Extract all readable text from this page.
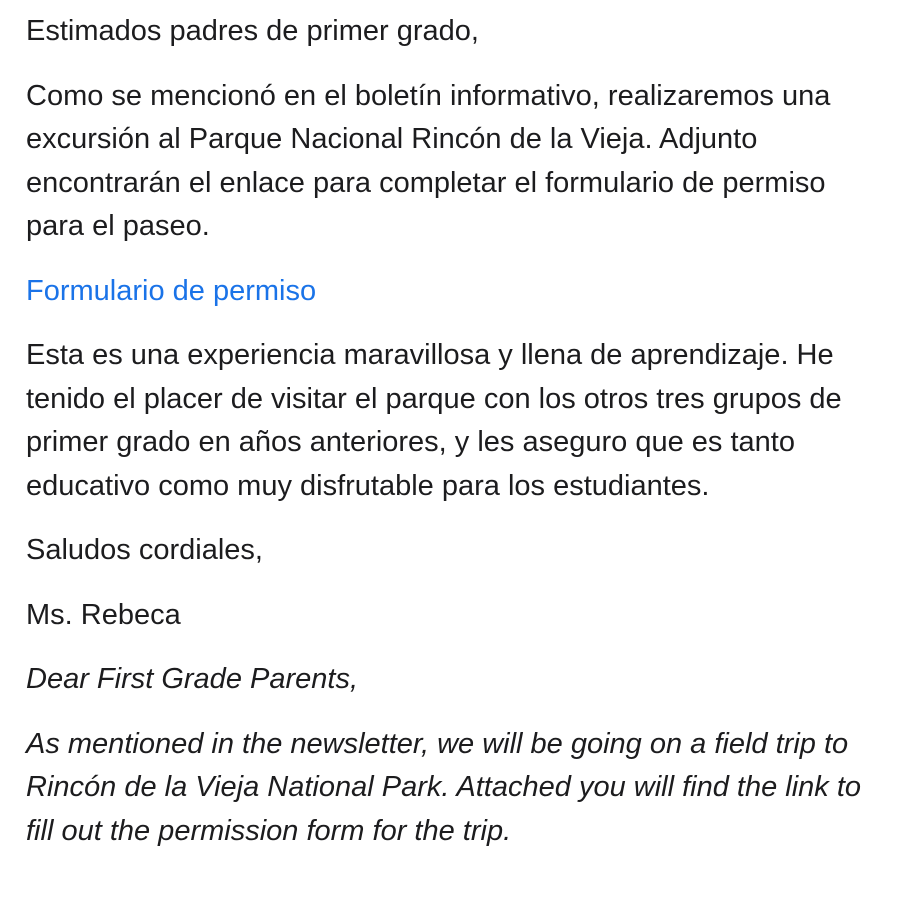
Estimados padres de primer grado,

Como se mencionó en el boletín informativo, realizaremos una excursión al Parque Nacional Rincón de la Vieja. Adjunto encontrarán el enlace para completar el formulario de permiso para el paseo.

Formulario de permiso

Esta es una experiencia maravillosa y llena de aprendizaje. He tenido el placer de visitar el parque con los otros tres grupos de primer grado en años anteriores, y les aseguro que es tanto educativo como muy disfrutable para los estudiantes.

Saludos cordiales,

Ms. Rebeca

Dear First Grade Parents,

As mentioned in the newsletter, we will be going on a field trip to Rincón de la Vieja National Park. Attached you will find the link to fill out the permission form for the trip.
